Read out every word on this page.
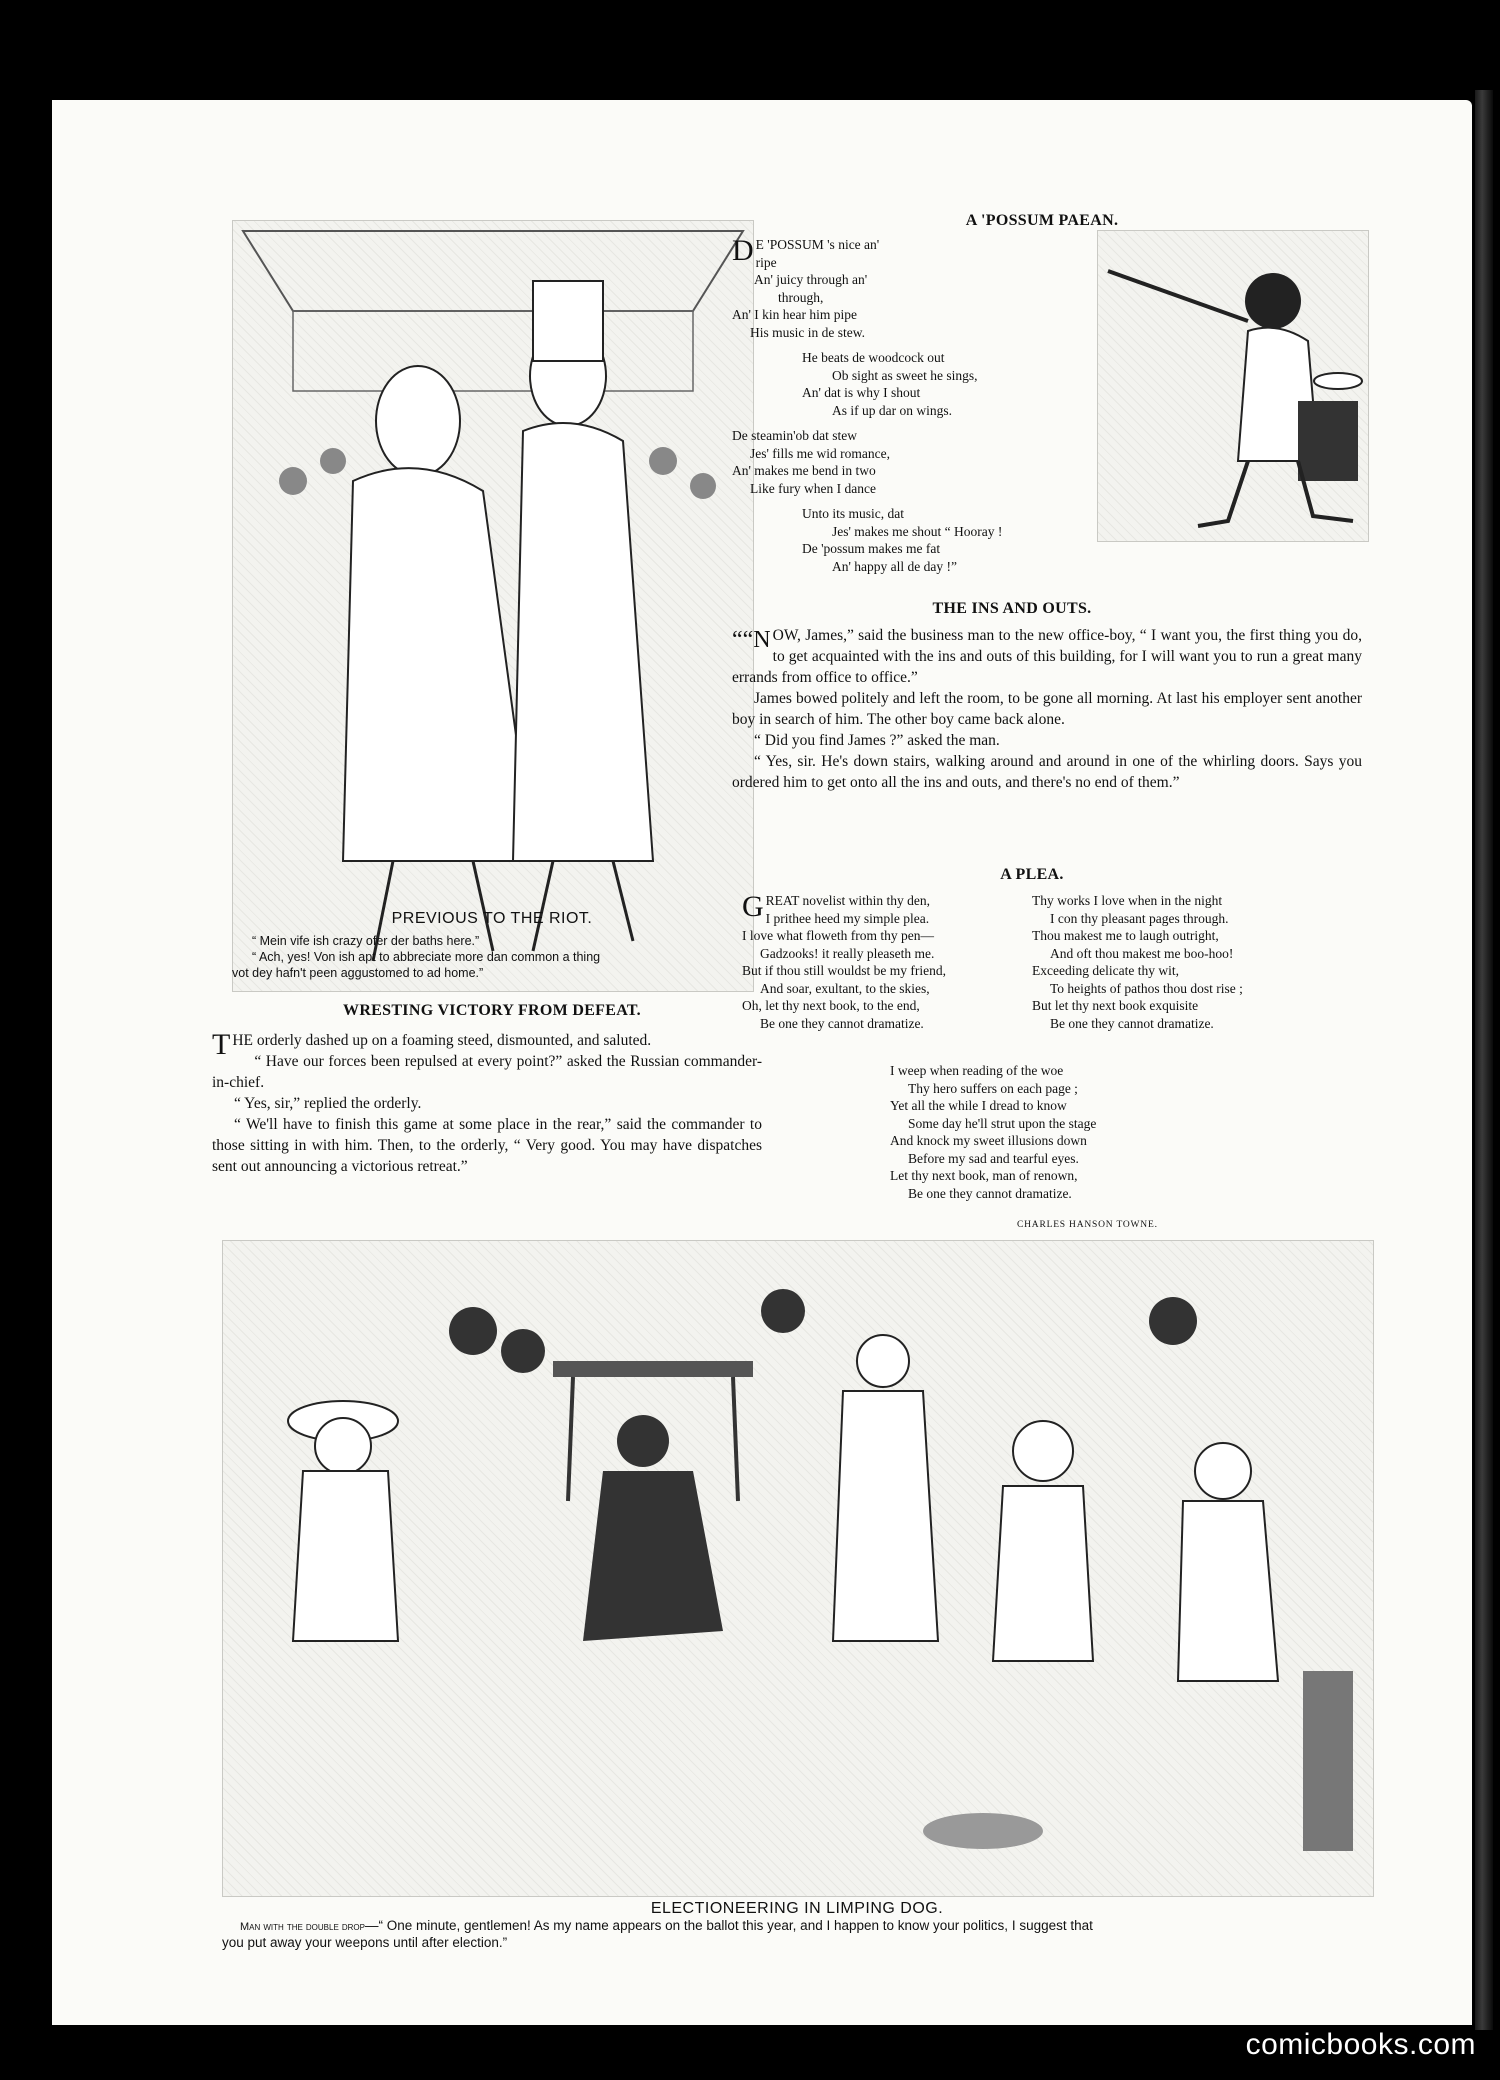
PREVIOUS TO THE RIOT.
“ Mein vife ish crazy ofer der baths here.”
“ Ach, yes! Von ish apt to abbreciate more dan common a thing
vot dey hafn't peen aggustomed to ad home.”
WRESTING VICTORY FROM DEFEAT.

THE orderly dashed up on a foaming steed, dismounted, and saluted.

“ Have our forces been repulsed at every point?” asked the Russian commander-in-chief.

“ Yes, sir,” replied the orderly.

“ We'll have to finish this game at some place in the rear,” said the commander to those sitting in with him. Then, to the orderly, “ Very good. You may have dispatches sent out announcing a victorious retreat.”

A 'POSSUM PAEAN.
D E 'POSSUM 's nice an'
ripe
An' juicy through an'
through,
An' I kin hear him pipe
His music in de stew.
He beats de woodcock out
Ob sight as sweet he sings,
An' dat is why I shout
As if up dar on wings.
De steamin'ob dat stew
Jes' fills me wid romance,
An' makes me bend in two
Like fury when I dance
Unto its music, dat
Jes' makes me shout “ Hooray !
De 'possum makes me fat
An' happy all de day !”
THE INS AND OUTS.

““N OW, James,” said the business man to the new office-boy, “ I want you, the first thing you do, to get acquainted with the ins and outs of this building, for I will want you to run a great many errands from office to office.”

James bowed politely and left the room, to be gone all morning. At last his employer sent another boy in search of him. The other boy came back alone.

“ Did you find James ?” asked the man.

“ Yes, sir. He's down stairs, walking around and around in one of the whirling doors. Says you ordered him to get onto all the ins and outs, and there's no end of them.”

A PLEA.
GREAT novelist within thy den,
I prithee heed my simple plea.
I love what floweth from thy pen—
Gadzooks! it really pleaseth me.
But if thou still wouldst be my friend,
And soar, exultant, to the skies,
Oh, let thy next book, to the end,
Be one they cannot dramatize.
Thy works I love when in the night
I con thy pleasant pages through.
Thou makest me to laugh outright,
And oft thou makest me boo-hoo!
Exceeding delicate thy wit,
To heights of pathos thou dost rise ;
But let thy next book exquisite
Be one they cannot dramatize.
I weep when reading of the woe
Thy hero suffers on each page ;
Yet all the while I dread to know
Some day he'll strut upon the stage
And knock my sweet illusions down
Before my sad and tearful eyes.
Let thy next book, man of renown,
Be one they cannot dramatize.
CHARLES HANSON TOWNE.
ELECTIONEERING IN LIMPING DOG.
Man with the double drop—“ One minute, gentlemen! As my name appears on the ballot this year, and I happen to know your politics, I suggest that
you put away your weepons until after election.”
comicbooks.com
